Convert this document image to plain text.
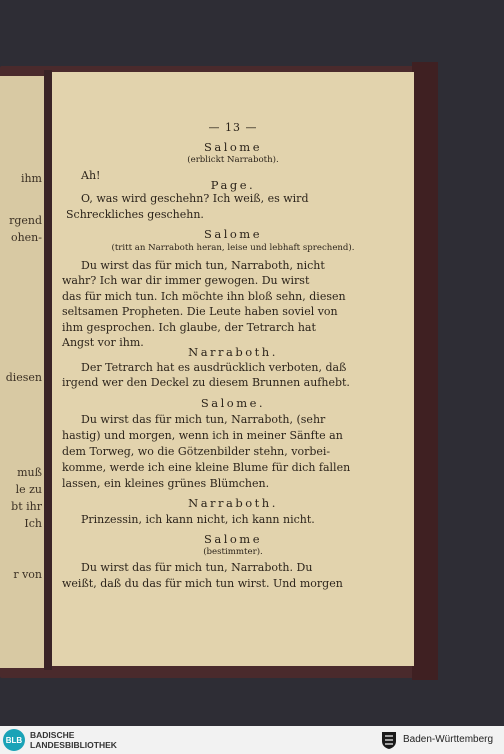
ihm
rgend
ohen-
diesen
muß
le zu
bt ihr
Ich
r von
— 13 —
Salome
(erblickt Narraboth).
Ah!
Page.
O, was wird geschehn? Ich weiß, es wird
Schreckliches geschehn.
Salome
(tritt an Narraboth heran, leise und lebhaft sprechend).
Du wirst das für mich tun, Narraboth, nicht
wahr? Ich war dir immer gewogen. Du wirst
das für mich tun. Ich möchte ihn bloß sehn, diesen
seltsamen Propheten. Die Leute haben soviel von
ihm gesprochen. Ich glaube, der Tetrarch hat
Angst vor ihm.
Narraboth.
Der Tetrarch hat es ausdrücklich verboten, daß
irgend wer den Deckel zu diesem Brunnen aufhebt.
Salome.
Du wirst das für mich tun, Narraboth, (sehr
hastig) und morgen, wenn ich in meiner Sänfte an
dem Torweg, wo die Götzenbilder stehn, vorbei-
komme, werde ich eine kleine Blume für dich fallen
lassen, ein kleines grünes Blümchen.
Narraboth.
Prinzessin, ich kann nicht, ich kann nicht.
Salome
(bestimmter).
Du wirst das für mich tun, Narraboth. Du
weißt, daß du das für mich tun wirst. Und morgen
BLB BADISCHE
LANDESBIBLIOTHEK	Baden-Württemberg
